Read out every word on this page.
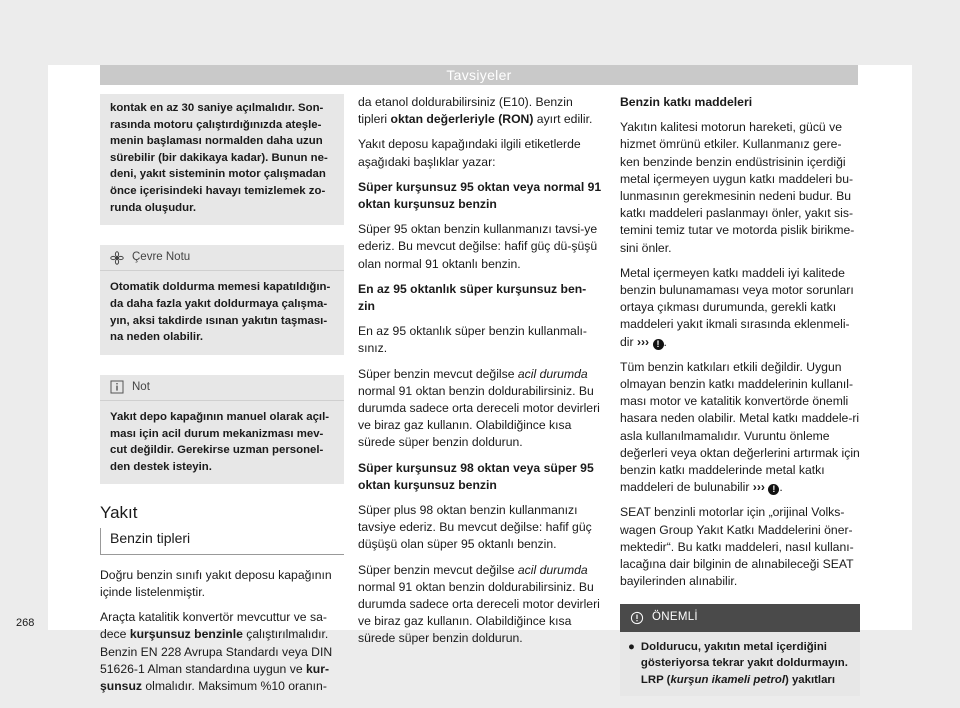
Tavsiyeler
kontak en az 30 saniye açılmalıdır. Son-rasında motoru çalıştırdığınızda ateşle-menin başlaması normalden daha uzun sürebilir (bir dakikaya kadar). Bunun ne-deni, yakıt sisteminin motor çalışmadan önce içerisindeki havayı temizlemek zo-runda oluşudur.
Çevre Notu
Otomatik doldurma memesi kapatıldığın-da daha fazla yakıt doldurmaya çalışma-yın, aksi takdirde ısınan yakıtın taşması-na neden olabilir.
Not
Yakıt depo kapağının manuel olarak açıl-ması için acil durum mekanizması mev-cut değildir. Gerekirse uzman personel-den destek isteyin.
Yakıt
Benzin tipleri

Doğru benzin sınıfı yakıt deposu kapağının içinde listelenmiştir.

Araçta katalitik konvertör mevcuttur ve sa-dece kurşunsuz benzinle çalıştırılmalıdır. Benzin EN 228 Avrupa Standardı veya DIN 51626-1 Alman standardına uygun ve kur-şunsuz olmalıdır. Maksimum %10 oranın-

da etanol doldurabilirsiniz (E10). Benzin tipleri oktan değerleriyle (RON) ayırt edilir.

Yakıt deposu kapağındaki ilgili etiketlerde aşağıdaki başlıklar yazar:

Süper kurşunsuz 95 oktan veya normal 91 oktan kurşunsuz benzin

Süper 95 oktan benzin kullanmanızı tavsi-ye ederiz. Bu mevcut değilse: hafif güç dü-şüşü olan normal 91 oktanlı benzin.

En az 95 oktanlık süper kurşunsuz ben-zin

En az 95 oktanlık süper benzin kullanmalı-sınız.

Süper benzin mevcut değilse acil durumda normal 91 oktan benzin doldurabilirsiniz. Bu durumda sadece orta dereceli motor devirleri ve biraz gaz kullanın. Olabildiğince kısa sürede süper benzin doldurun.

Süper kurşunsuz 98 oktan veya süper 95 oktan kurşunsuz benzin

Süper plus 98 oktan benzin kullanmanızı tavsiye ederiz. Bu mevcut değilse: hafif güç düşüşü olan süper 95 oktanlı benzin.

Süper benzin mevcut değilse acil durumda normal 91 oktan benzin doldurabilirsiniz. Bu durumda sadece orta dereceli motor devirleri ve biraz gaz kullanın. Olabildiğince kısa sürede süper benzin doldurun.

Benzin katkı maddeleri

Yakıtın kalitesi motorun hareketi, gücü ve hizmet ömrünü etkiler. Kullanmanız gere-ken benzinde benzin endüstrisinin içerdiği metal içermeyen uygun katkı maddeleri bu-lunmasının gerekmesinin nedeni budur. Bu katkı maddeleri paslanmayı önler, yakıt sis-temini temiz tutar ve motorda pislik birikme-sini önler.

Metal içermeyen katkı maddeli iyi kalitede benzin bulunamaması veya motor sorunları ortaya çıkması durumunda, gerekli katkı maddeleri yakıt ikmali sırasında eklenmeli-dir ››› ! .

Tüm benzin katkıları etkili değildir. Uygun olmayan benzin katkı maddelerinin kullanıl-ması motor ve katalitik konvertörde önemli hasara neden olabilir. Metal katkı maddele-ri asla kullanılmamalıdır. Vuruntu önleme değerleri veya oktan değerlerini artırmak için benzin katkı maddelerinde metal katkı maddeleri de bulunabilir ››› ! .

SEAT benzinli motorlar için „orijinal Volks-wagen Group Yakıt Katkı Maddelerini öner-mektedir“. Bu katkı maddeleri, nasıl kullanı-lacağına dair bilginin de alınabileceği SEAT bayilerinden alınabilir.

ÖNEMLİ
● Doldurucu, yakıtın metal içerdiğini gösteriyorsa tekrar yakıt doldurmayın. LRP (kurşun ikameli petrol) yakıtları
268
